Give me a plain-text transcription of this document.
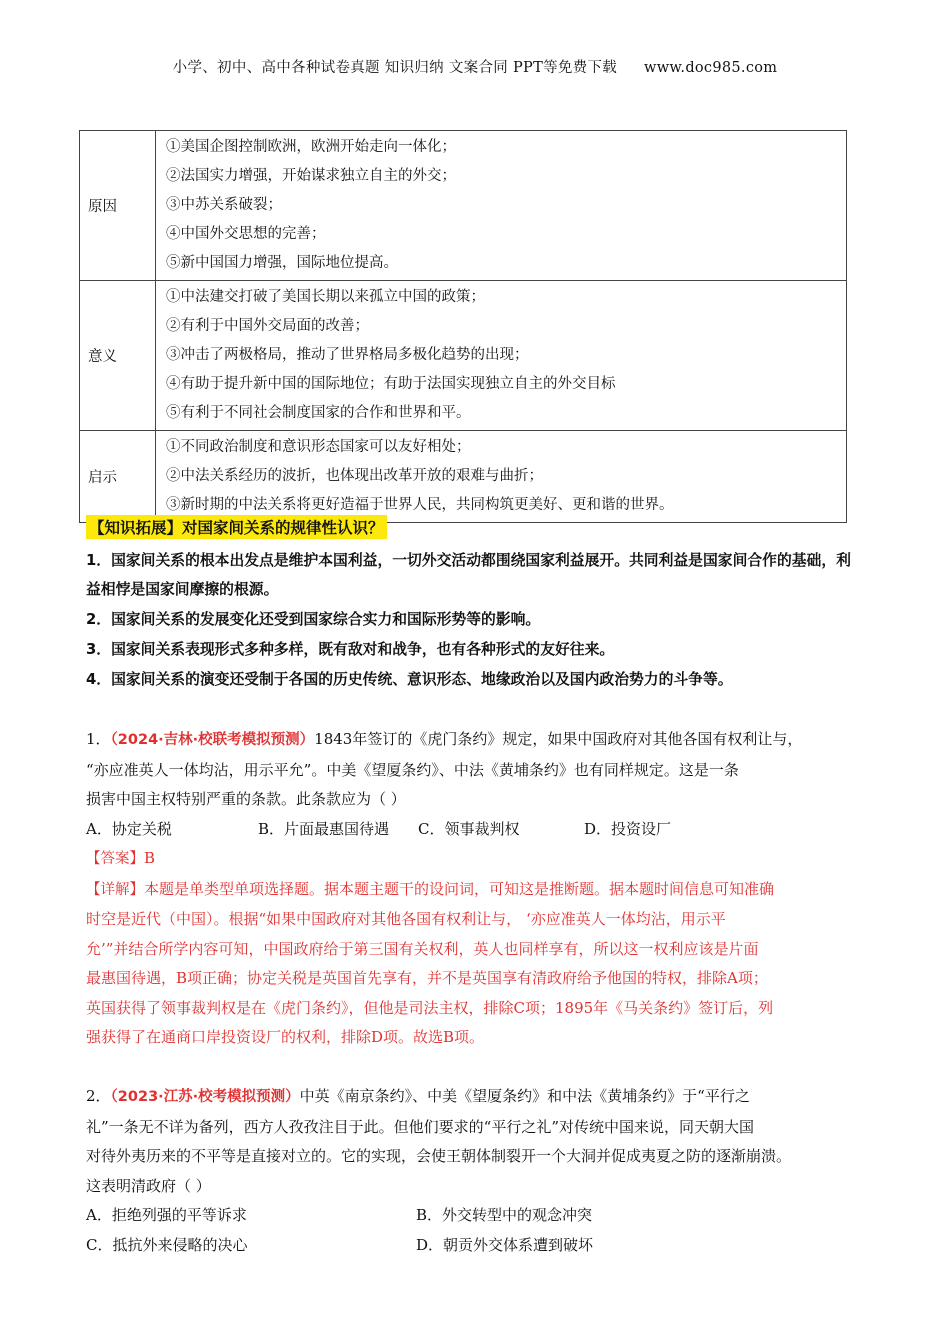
小学、初中、高中各种试卷真题 知识归纳 文案合同 PPT等免费下载 www.doc985.com
原因	①美国企图控制欧洲，欧洲开始走向一体化；
②法国实力增强，开始谋求独立自主的外交；
③中苏关系破裂；
④中国外交思想的完善；
⑤新中国国力增强，国际地位提高。

意义	①中法建交打破了美国长期以来孤立中国的政策；
②有利于中国外交局面的改善；
③冲击了两极格局，推动了世界格局多极化趋势的出现；
④有助于提升新中国的国际地位；有助于法国实现独立自主的外交目标
⑤有利于不同社会制度国家的合作和世界和平。

启示	①不同政治制度和意识形态国家可以友好相处；
②中法关系经历的波折，也体现出改革开放的艰难与曲折；
③新时期的中法关系将更好造福于世界人民，共同构筑更美好、更和谐的世界。
【知识拓展】对国家间关系的规律性认识？

1．国家间关系的根本出发点是维护本国利益，一切外交活动都围绕国家利益展开。共同利益是国家间合作的基础，利益相悖是国家间摩擦的根源。

2．国家间关系的发展变化还受到国家综合实力和国际形势等的影响。

3．国家间关系表现形式多种多样，既有敌对和战争，也有各种形式的友好往来。

4．国家间关系的演变还受制于各国的历史传统、意识形态、地缘政治以及国内政治势力的斗争等。

1．（2024·吉林·校联考模拟预测）1843年签订的《虎门条约》规定，如果中国政府对其他各国有权利让与，

“亦应准英人一体均沾，用示平允”。中美《望厦条约》、中法《黄埔条约》也有同样规定。这是一条

损害中国主权特别严重的条款。此条款应为（ ）

A．协定关税	B．片面最惠国待遇	C．领事裁判权	D．投资设厂

【答案】B

【详解】本题是单类型单项选择题。据本题主题干的设问词，可知这是推断题。据本题时间信息可知准确

时空是近代（中国）。根据“如果中国政府对其他各国有权利让与， ‘亦应准英人一体均沾，用示平

允’”并结合所学内容可知，中国政府给于第三国有关权利，英人也同样享有，所以这一权利应该是片面

最惠国待遇，B项正确；协定关税是英国首先享有，并不是英国享有清政府给予他国的特权，排除A项；

英国获得了领事裁判权是在《虎门条约》，但他是司法主权，排除C项；1895年《马关条约》签订后，列

强获得了在通商口岸投资设厂的权利，排除D项。故选B项。

2．（2023·江苏·校考模拟预测）中英《南京条约》、中美《望厦条约》和中法《黄埔条约》于“平行之

礼”一条无不详为备列，西方人孜孜注目于此。但他们要求的“平行之礼”对传统中国来说，同天朝大国

对待外夷历来的不平等是直接对立的。它的实现，会使王朝体制裂开一个大洞并促成夷夏之防的逐渐崩溃。

这表明清政府（ ）

A．拒绝列强的平等诉求	B．外交转型中的观念冲突
C．抵抗外来侵略的决心	D．朝贡外交体系遭到破坏
